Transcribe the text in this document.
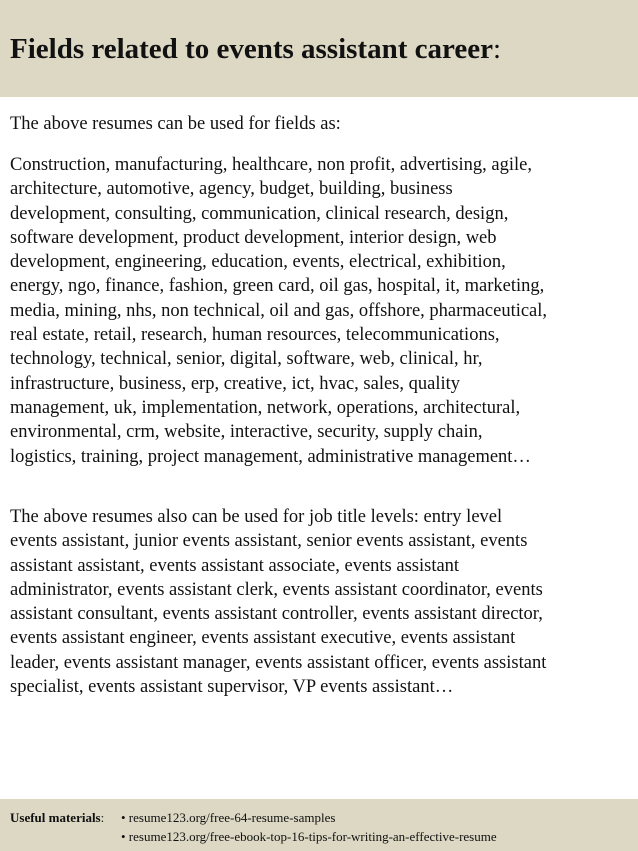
Fields related to events assistant career:

The above resumes can be used for fields as:

Construction, manufacturing, healthcare, non profit, advertising, agile,
architecture, automotive, agency, budget, building, business
development, consulting, communication, clinical research, design,
software development, product development, interior design, web
development, engineering, education, events, electrical, exhibition,
energy, ngo, finance, fashion, green card, oil gas, hospital, it, marketing,
media, mining, nhs, non technical, oil and gas, offshore, pharmaceutical,
real estate, retail, research, human resources, telecommunications,
technology, technical, senior, digital, software, web, clinical, hr,
infrastructure, business, erp, creative, ict, hvac, sales, quality
management, uk, implementation, network, operations, architectural,
environmental, crm, website, interactive, security, supply chain,
logistics, training, project management, administrative management…

The above resumes also can be used for job title levels: entry level
events assistant, junior events assistant, senior events assistant, events
assistant assistant, events assistant associate, events assistant
administrator, events assistant clerk, events assistant coordinator, events
assistant consultant, events assistant controller, events assistant director,
events assistant engineer, events assistant executive, events assistant
leader, events assistant manager, events assistant officer, events assistant
specialist, events assistant supervisor, VP events assistant…

Useful materials: • resume123.org/free-64-resume-samples
• resume123.org/free-ebook-top-16-tips-for-writing-an-effective-resume
